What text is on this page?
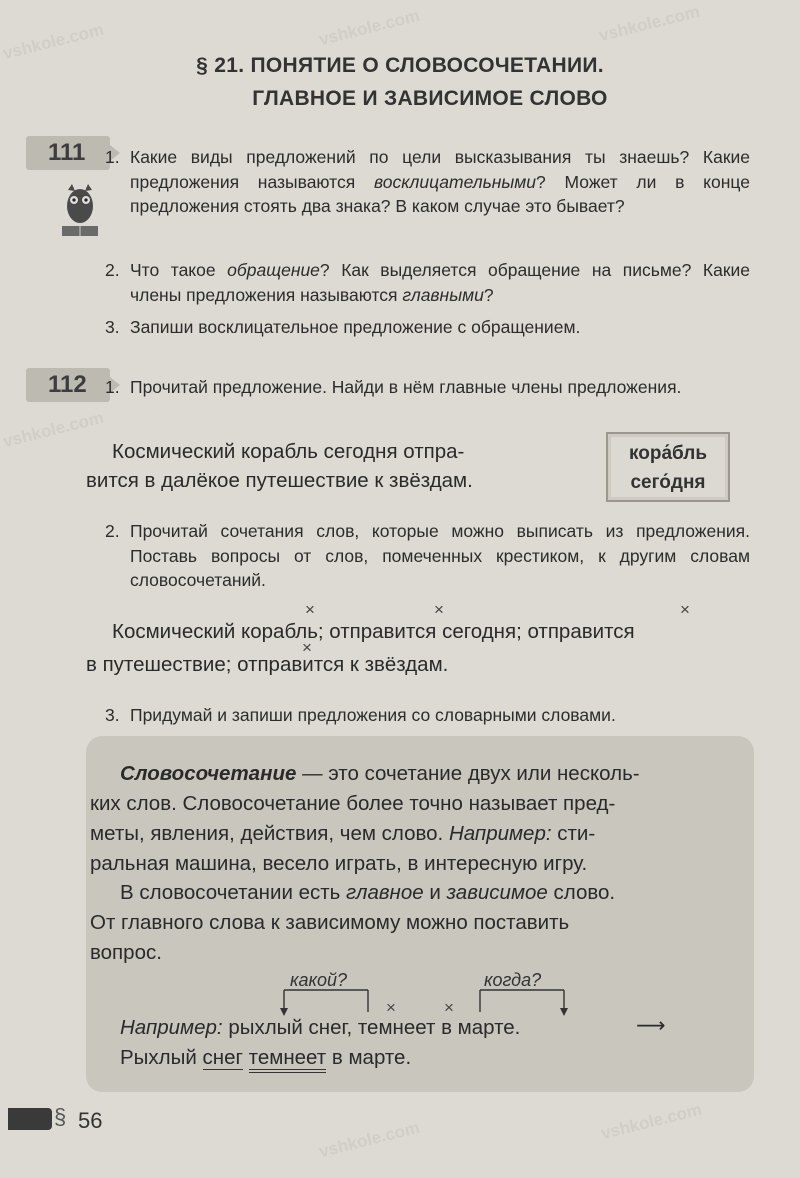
vshkole.com	vshkole.com	vshkole.com
vshkole.com
vshkole.com	vshkole.com
§ 21. ПОНЯТИЕ О СЛОВОСОЧЕТАНИИ.
ГЛАВНОЕ И ЗАВИСИМОЕ СЛОВО
111	1. Какие виды предложений по цели высказывания ты знаешь? Какие предложения называются восклицательными? Может ли в конце предложения стоять два знака? В каком случае это бывает?
2. Что такое обращение? Как выделяется обращение на письме? Какие члены предложения называются главными?
3. Запиши восклицательное предложение с обращением.
112	1. Прочитай предложение. Найди в нём главные члены предложения.
Космический корабль сегодня отпра-
вится в далёкое путешествие к звёздам.
кора́бль
сего́дня
2. Прочитай сочетания слов, которые можно выписать из предложения. Поставь вопросы от слов, помеченных крестиком, к другим словам словосочетаний.
×	×	×
×
Космический корабль; отправится сегодня; отправится
в путешествие; отправится к звёздам.
3. Придумай и запиши предложения со словарными словами.
Словосочетание — это сочетание двух или несколь-
ких слов. Словосочетание более точно называет пред-
меты, явления, действия, чем слово. Например: сти-
ральная машина, весело играть, в интересную игру.
В словосочетании есть главное и зависимое слово.
От главного слова к зависимому можно поставить
вопрос.
какой?	когда?
×	×
Например: рыхлый снег, темнеет в марте.	⟶
Рыхлый снег темнеет в марте.
§ 56
